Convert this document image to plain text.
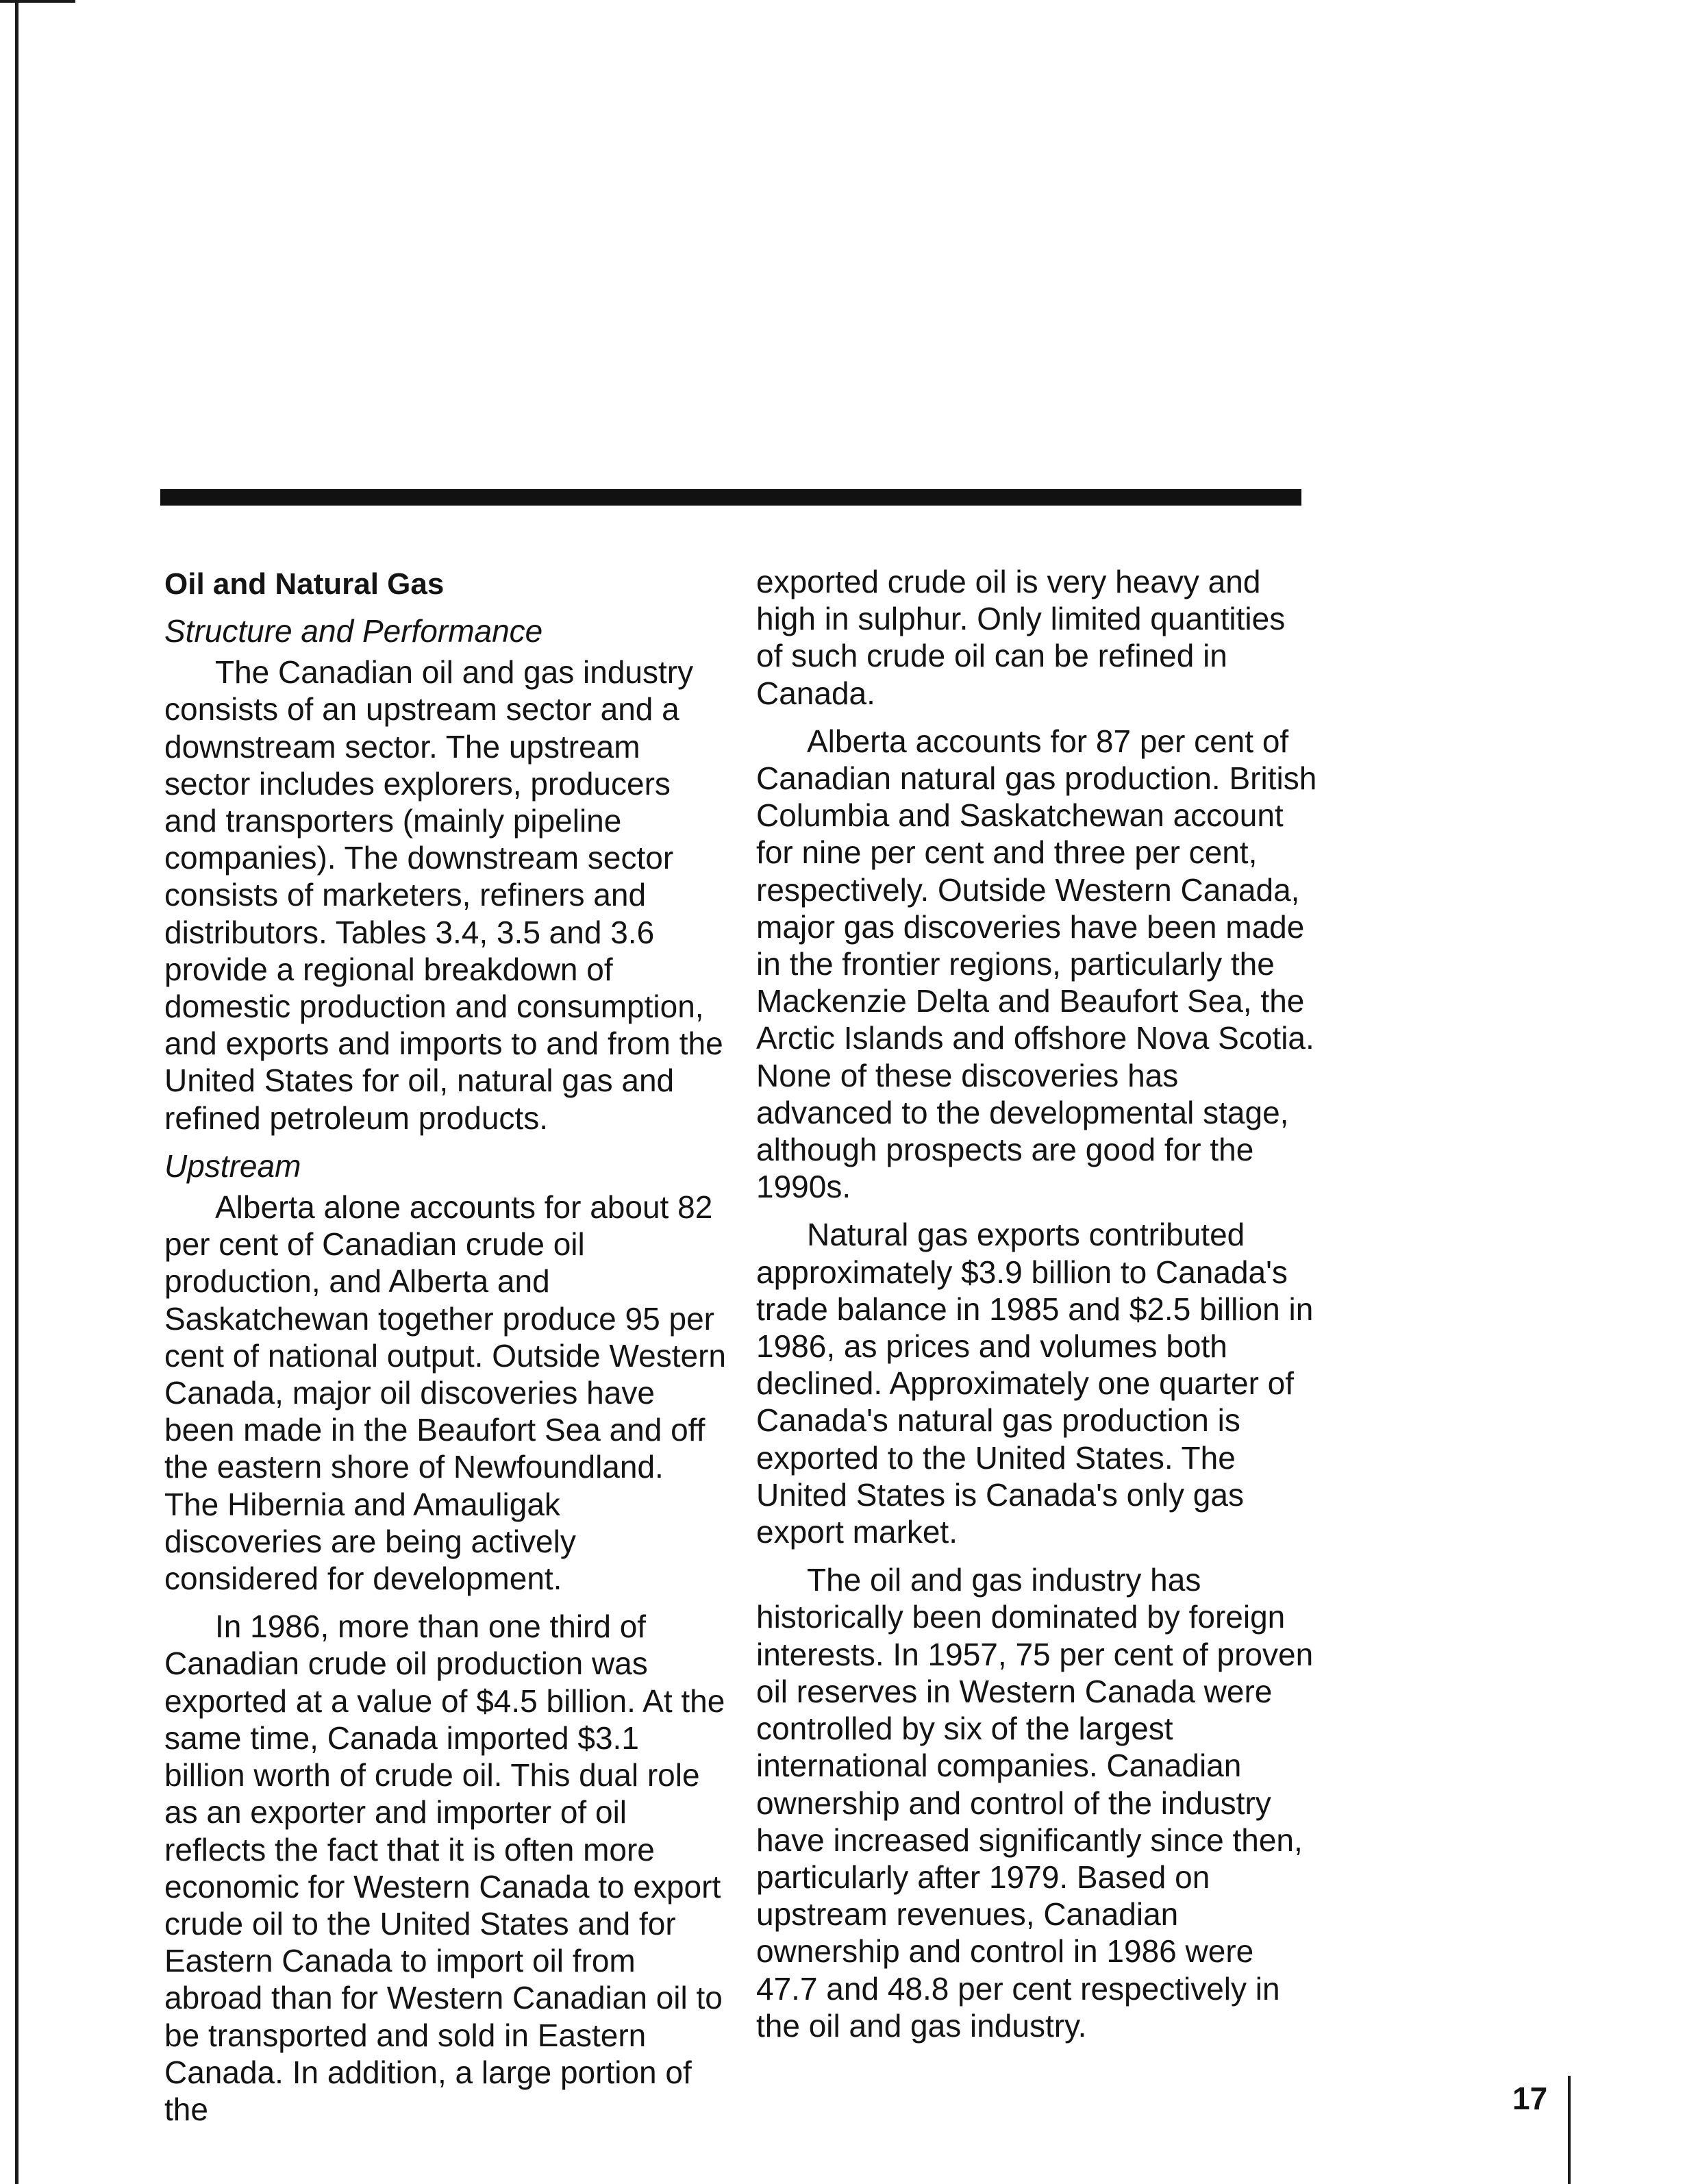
Oil and Natural Gas
Structure and Performance
The Canadian oil and gas industry consists of an upstream sector and a downstream sector. The upstream sector includes explorers, producers and transporters (mainly pipeline companies). The downstream sector consists of marketers, refiners and distributors. Tables 3.4, 3.5 and 3.6 provide a regional breakdown of domestic production and consumption, and exports and imports to and from the United States for oil, natural gas and refined petroleum products.
Upstream
Alberta alone accounts for about 82 per cent of Canadian crude oil production, and Alberta and Saskatchewan together produce 95 per cent of national output. Outside Western Canada, major oil discoveries have been made in the Beaufort Sea and off the eastern shore of Newfoundland. The Hibernia and Amauligak discoveries are being actively considered for development.
In 1986, more than one third of Canadian crude oil production was exported at a value of $4.5 billion. At the same time, Canada imported $3.1 billion worth of crude oil. This dual role as an exporter and importer of oil reflects the fact that it is often more economic for Western Canada to export crude oil to the United States and for Eastern Canada to import oil from abroad than for Western Canadian oil to be transported and sold in Eastern Canada. In addition, a large portion of the
exported crude oil is very heavy and high in sulphur. Only limited quantities of such crude oil can be refined in Canada.
Alberta accounts for 87 per cent of Canadian natural gas production. British Columbia and Saskatchewan account for nine per cent and three per cent, respectively. Outside Western Canada, major gas discoveries have been made in the frontier regions, particularly the Mackenzie Delta and Beaufort Sea, the Arctic Islands and offshore Nova Scotia. None of these discoveries has advanced to the developmental stage, although prospects are good for the 1990s.
Natural gas exports contributed approximately $3.9 billion to Canada's trade balance in 1985 and $2.5 billion in 1986, as prices and volumes both declined. Approximately one quarter of Canada's natural gas production is exported to the United States. The United States is Canada's only gas export market.
The oil and gas industry has historically been dominated by foreign interests. In 1957, 75 per cent of proven oil reserves in Western Canada were controlled by six of the largest international companies. Canadian ownership and control of the industry have increased significantly since then, particularly after 1979. Based on upstream revenues, Canadian ownership and control in 1986 were 47.7 and 48.8 per cent respectively in the oil and gas industry.
17
